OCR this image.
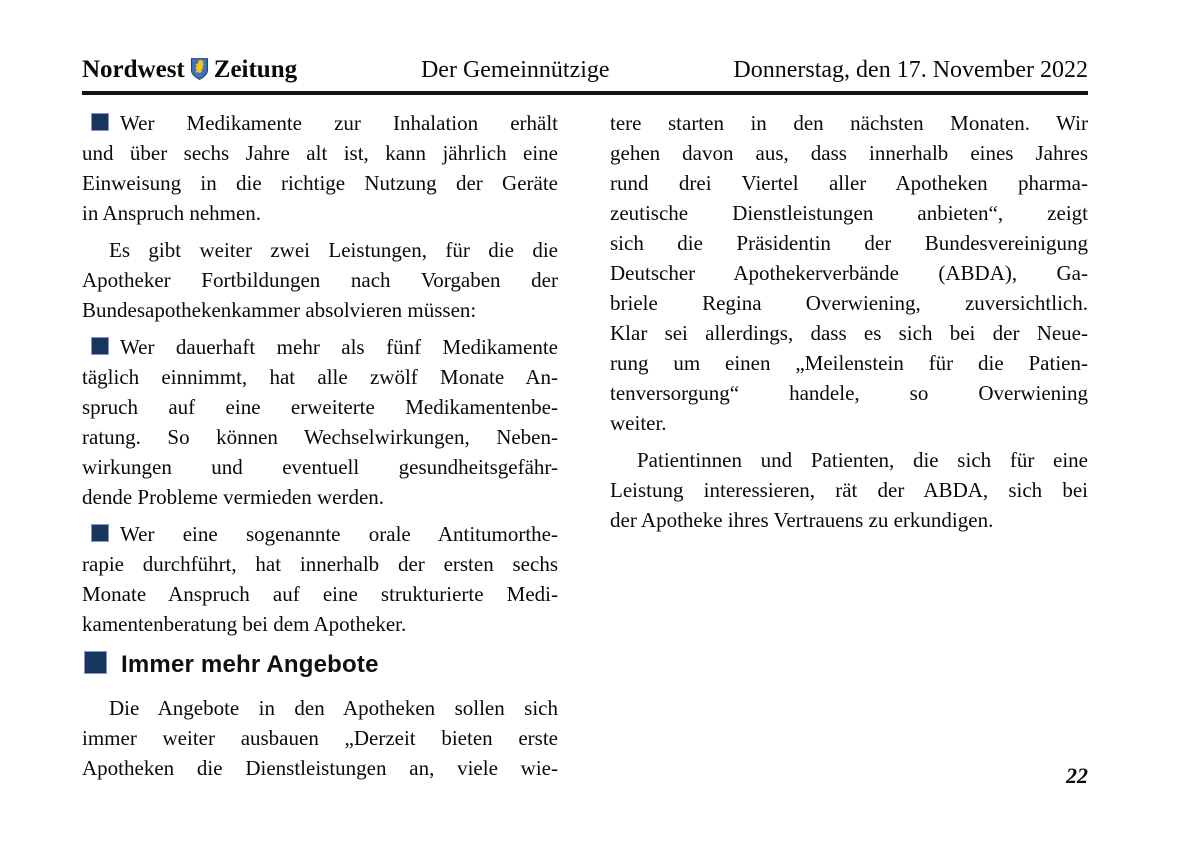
Nordwest Zeitung	Der Gemeinnützige	Donnerstag, den 17. November 2022
Wer Medikamente zur Inhalation erhält
und über sechs Jahre alt ist, kann jährlich eine
Einweisung in die richtige Nutzung der Geräte
in Anspruch nehmen.
Es gibt weiter zwei Leistungen, für die die
Apotheker Fortbildungen nach Vorgaben der
Bundesapothekenkammer absolvieren müssen:
Wer dauerhaft mehr als fünf Medikamente
täglich einnimmt, hat alle zwölf Monate An-
spruch auf eine erweiterte Medikamentenbe-
ratung. So können Wechselwirkungen, Neben-
wirkungen und eventuell gesundheitsgefähr-
dende Probleme vermieden werden.
Wer eine sogenannte orale Antitumorthe-
rapie durchführt, hat innerhalb der ersten sechs
Monate Anspruch auf eine strukturierte Medi-
kamentenberatung bei dem Apotheker.
Immer mehr Angebote
Die Angebote in den Apotheken sollen sich
immer weiter ausbauen „Derzeit bieten erste
Apotheken die Dienstleistungen an, viele wie-
tere starten in den nächsten Monaten. Wir
gehen davon aus, dass innerhalb eines Jahres
rund drei Viertel aller Apotheken pharma-
zeutische Dienstleistungen anbieten“, zeigt
sich die Präsidentin der Bundesvereinigung
Deutscher Apothekerverbände (ABDA), Ga-
briele Regina Overwiening, zuversichtlich.
Klar sei allerdings, dass es sich bei der Neue-
rung um einen „Meilenstein für die Patien-
tenversorgung“ handele, so Overwiening
weiter.
Patientinnen und Patienten, die sich für eine
Leistung interessieren, rät der ABDA, sich bei
der Apotheke ihres Vertrauens zu erkundigen.
22
